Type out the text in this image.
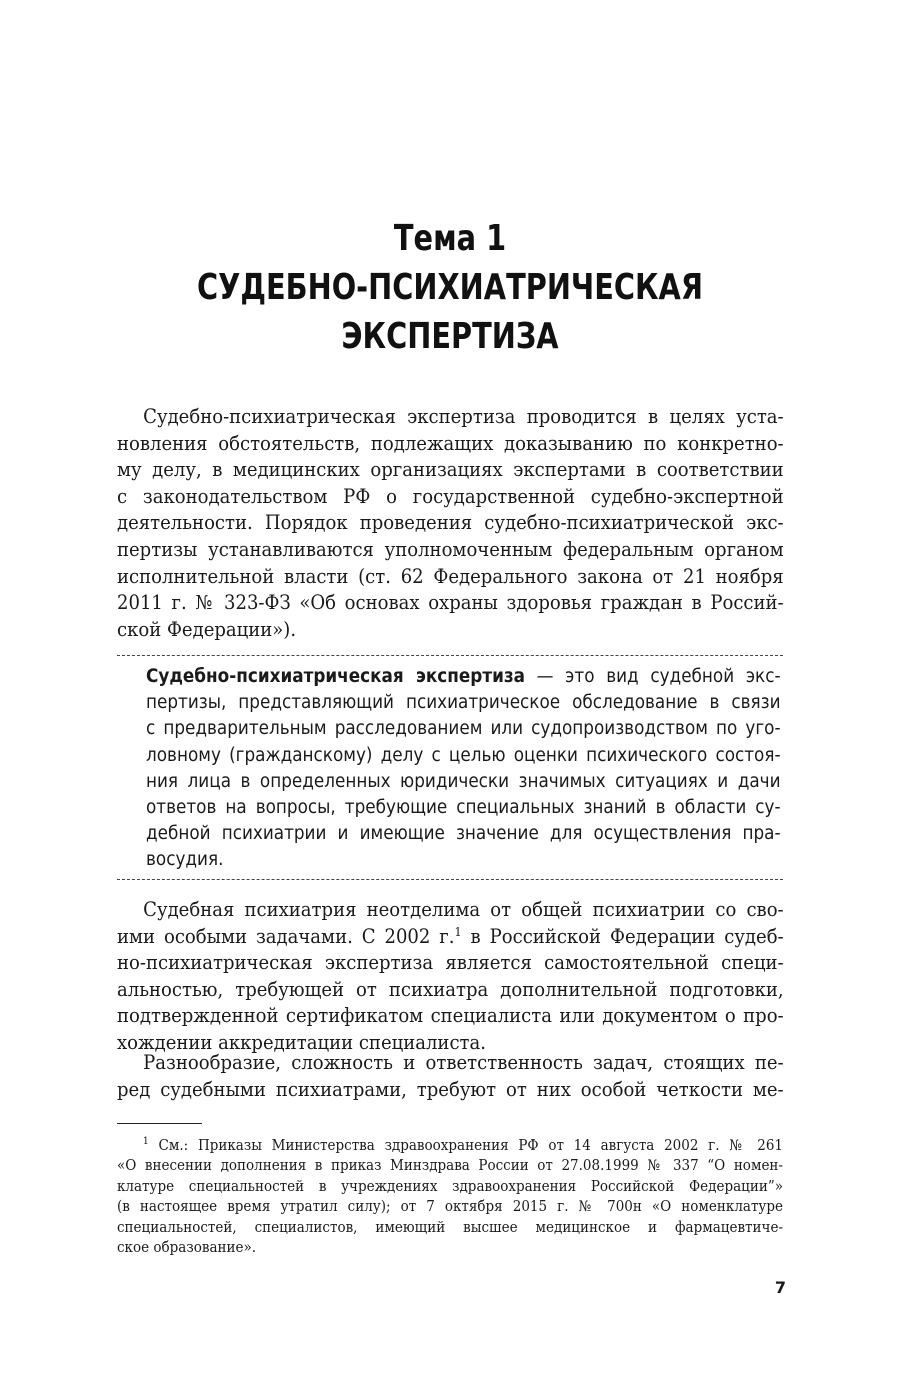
Тема 1
СУДЕБНО-ПСИХИАТРИЧЕСКАЯ
ЭКСПЕРТИЗА
Судебно-психиатрическая экспертиза проводится в целях уста-
новления обстоятельств, подлежащих доказыванию по конкретно-
му делу, в медицинских организациях экспертами в соответствии
с законодательством РФ о государственной судебно-экспертной
деятельности. Порядок проведения судебно-психиатрической экс-
пертизы устанавливаются уполномоченным федеральным органом
исполнительной власти (ст. 62 Федерального закона от 21 ноября
2011 г. № 323-ФЗ «Об основах охраны здоровья граждан в Россий-
ской Федерации»).
Судебно-психиатрическая экспертиза — это вид судебной экс-
пертизы, представляющий психиатрическое обследование в связи
с предварительным расследованием или судопроизводством по уго-
ловному (гражданскому) делу с целью оценки психического состоя-
ния лица в определенных юридически значимых ситуациях и дачи
ответов на вопросы, требующие специальных знаний в области су-
дебной психиатрии и имеющие значение для осуществления пра-
восудия.
Судебная психиатрия неотделима от общей психиатрии со сво-
ими особыми задачами. С 2002 г.$^1$ в Российской Федерации судеб-
но-психиатрическая экспертиза является самостоятельной специ-
альностью, требующей от психиатра дополнительной подготовки,
подтвержденной сертификатом специалиста или документом о про-
хождении аккредитации специалиста.
Разнообразие, сложность и ответственность задач, стоящих пе-
ред судебными психиатрами, требуют от них особой четкости ме-
$^1$ См.: Приказы Министерства здравоохранения РФ от 14 августа 2002 г. № 261
«О внесении дополнения в приказ Минздрава России от 27.08.1999 № 337 “О номен-
клатуре специальностей в учреждениях здравоохранения Российской Федерации”»
(в настоящее время утратил силу); от 7 октября 2015 г. № 700н «О номенклатуре
специальностей, специалистов, имеющий высшее медицинское и фармацевтиче-
ское образование».
7
